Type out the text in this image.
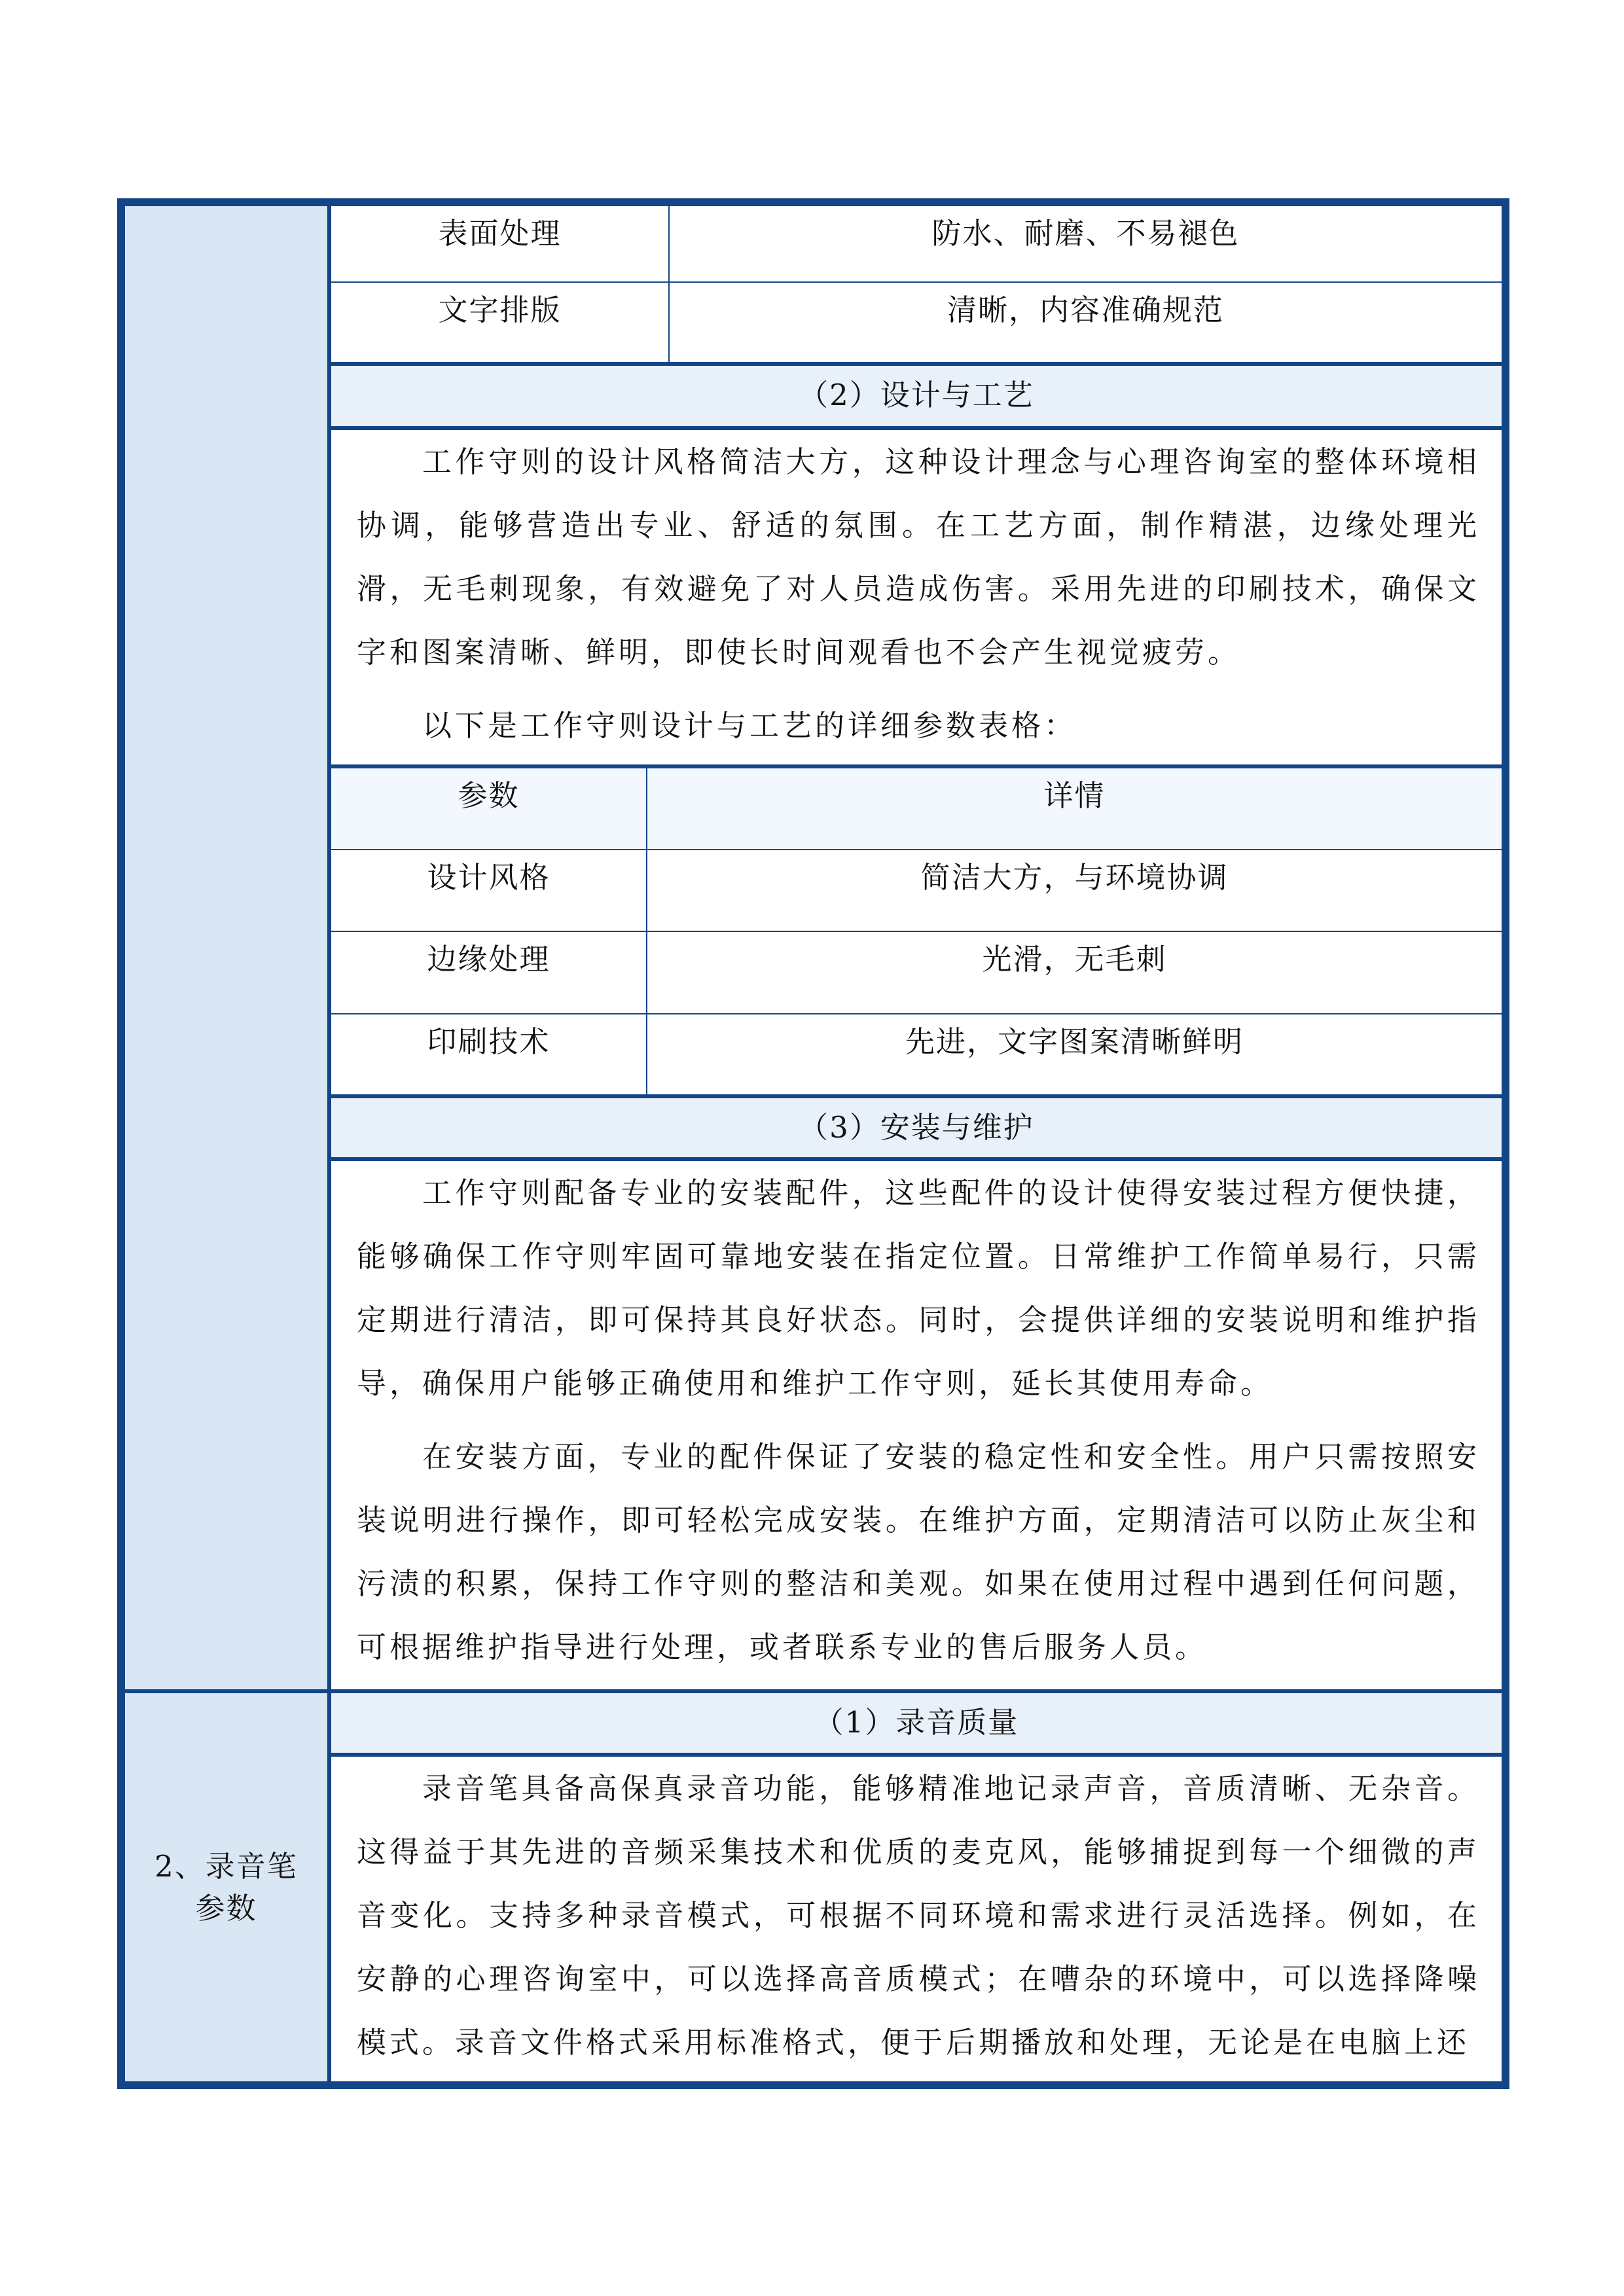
2、录音笔
参数
表面处理	防水、耐磨、不易褪色
文字排版	清晰，内容准确规范
（2）设计与工艺

工作守则的设计风格简洁大方，这种设计理念与心理咨询室的整体环境相协调，能够营造出专业、舒适的氛围。在工艺方面，制作精湛，边缘处理光滑，无毛刺现象，有效避免了对人员造成伤害。采用先进的印刷技术，确保文字和图案清晰、鲜明，即使长时间观看也不会产生视觉疲劳。

以下是工作守则设计与工艺的详细参数表格：

参数	详情
设计风格	简洁大方，与环境协调
边缘处理	光滑，无毛刺
印刷技术	先进，文字图案清晰鲜明
（3）安装与维护

工作守则配备专业的安装配件，这些配件的设计使得安装过程方便快捷，能够确保工作守则牢固可靠地安装在指定位置。日常维护工作简单易行，只需定期进行清洁，即可保持其良好状态。同时，会提供详细的安装说明和维护指导，确保用户能够正确使用和维护工作守则，延长其使用寿命。

在安装方面，专业的配件保证了安装的稳定性和安全性。用户只需按照安装说明进行操作，即可轻松完成安装。在维护方面，定期清洁可以防止灰尘和污渍的积累，保持工作守则的整洁和美观。如果在使用过程中遇到任何问题，可根据维护指导进行处理，或者联系专业的售后服务人员。

（1）录音质量

录音笔具备高保真录音功能，能够精准地记录声音，音质清晰、无杂音。这得益于其先进的音频采集技术和优质的麦克风，能够捕捉到每一个细微的声音变化。支持多种录音模式，可根据不同环境和需求进行灵活选择。例如，在安静的心理咨询室中，可以选择高音质模式；在嘈杂的环境中，可以选择降噪模式。录音文件格式采用标准格式，便于后期播放和处理，无论是在电脑上还
